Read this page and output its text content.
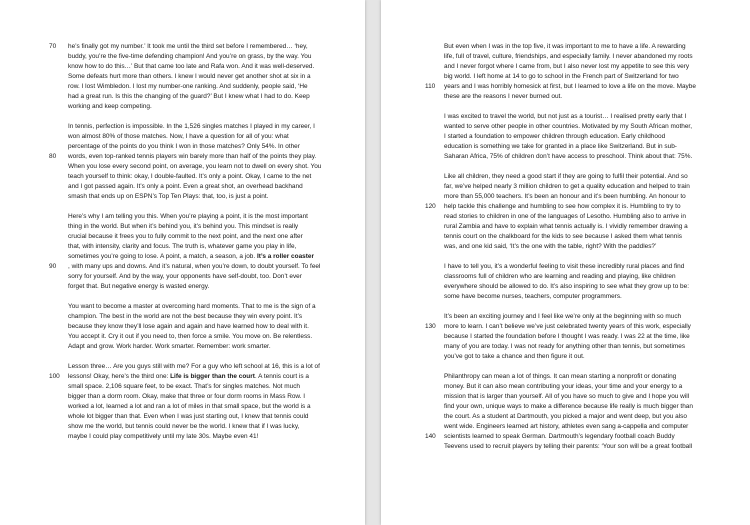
70	he’s finally got my number.’ It took me until the third set before I remembered… ‘hey,
buddy, you’re the five-time defending champion! And you’re on grass, by the way. You
know how to do this…’ But that came too late and Rafa won. And it was well-deserved.
Some defeats hurt more than others. I knew I would never get another shot at six in a
row. I lost Wimbledon. I lost my number-one ranking. And suddenly, people said, ‘He
had a great run. Is this the changing of the guard?’ But I knew what I had to do. Keep
working and keep competing.
In tennis, perfection is impossible. In the 1,526 singles matches I played in my career, I
won almost 80% of those matches. Now, I have a question for all of you: what
percentage of the points do you think I won in those matches? Only 54%. In other
80	words, even top-ranked tennis players win barely more than half of the points they play.
When you lose every second point, on average, you learn not to dwell on every shot. You
teach yourself to think: okay, I double-faulted. It’s only a point. Okay, I came to the net
and I got passed again. It’s only a point. Even a great shot, an overhead backhand
smash that ends up on ESPN’s Top Ten Plays: that, too, is just a point.
Here’s why I am telling you this. When you’re playing a point, it is the most important
thing in the world. But when it’s behind you, it’s behind you. This mindset is really
crucial because it frees you to fully commit to the next point, and the next one after
that, with intensity, clarity and focus. The truth is, whatever game you play in life,
sometimes you’re going to lose. A point, a match, a season, a job. It’s a roller coaster
90	, with many ups and downs. And it’s natural, when you’re down, to doubt yourself. To feel
sorry for yourself. And by the way, your opponents have self-doubt, too. Don’t ever
forget that. But negative energy is wasted energy.
You want to become a master at overcoming hard moments. That to me is the sign of a
champion. The best in the world are not the best because they win every point. It’s
because they know they’ll lose again and again and have learned how to deal with it.
You accept it. Cry it out if you need to, then force a smile. You move on. Be relentless.
Adapt and grow. Work harder. Work smarter. Remember: work smarter.
Lesson three… Are you guys still with me? For a guy who left school at 16, this is a lot of
100	lessons! Okay, here’s the third one: Life is bigger than the court. A tennis court is a
small space. 2,106 square feet, to be exact. That’s for singles matches. Not much
bigger than a dorm room. Okay, make that three or four dorm rooms in Mass Row. I
worked a lot, learned a lot and ran a lot of miles in that small space, but the world is a
whole lot bigger than that. Even when I was just starting out, I knew that tennis could
show me the world, but tennis could never be the world. I knew that if I was lucky,
maybe I could play competitively until my late 30s. Maybe even 41!
But even when I was in the top five, it was important to me to have a life. A rewarding
life, full of travel, culture, friendships, and especially family. I never abandoned my roots
and I never forgot where I came from, but I also never lost my appetite to see this very
big world. I left home at 14 to go to school in the French part of Switzerland for two
110	years and I was horribly homesick at first, but I learned to love a life on the move. Maybe
these are the reasons I never burned out.
I was excited to travel the world, but not just as a tourist… I realised pretty early that I
wanted to serve other people in other countries. Motivated by my South African mother,
I started a foundation to empower children through education. Early childhood
education is something we take for granted in a place like Switzerland. But in sub-
Saharan Africa, 75% of children don’t have access to preschool. Think about that: 75%.
Like all children, they need a good start if they are going to fulfil their potential. And so
far, we’ve helped nearly 3 million children to get a quality education and helped to train
more than 55,000 teachers. It’s been an honour and it’s been humbling. An honour to
120	help tackle this challenge and humbling to see how complex it is. Humbling to try to
read stories to children in one of the languages of Lesotho. Humbling also to arrive in
rural Zambia and have to explain what tennis actually is. I vividly remember drawing a
tennis court on the chalkboard for the kids to see because I asked them what tennis
was, and one kid said, ‘It’s the one with the table, right? With the paddles?’
I have to tell you, it’s a wonderful feeling to visit these incredibly rural places and find
classrooms full of children who are learning and reading and playing, like children
everywhere should be allowed to do. It’s also inspiring to see what they grow up to be:
some have become nurses, teachers, computer programmers.
It’s been an exciting journey and I feel like we’re only at the beginning with so much
130	more to learn. I can’t believe we’ve just celebrated twenty years of this work, especially
because I started the foundation before I thought I was ready. I was 22 at the time, like
many of you are today. I was not ready for anything other than tennis, but sometimes
you’ve got to take a chance and then figure it out.
Philanthropy can mean a lot of things. It can mean starting a nonprofit or donating
money. But it can also mean contributing your ideas, your time and your energy to a
mission that is larger than yourself. All of you have so much to give and I hope you will
find your own, unique ways to make a difference because life really is much bigger than
the court. As a student at Dartmouth, you picked a major and went deep, but you also
went wide. Engineers learned art history, athletes even sang a-cappella and computer
140	scientists learned to speak German. Dartmouth’s legendary football coach Buddy
Teevens used to recruit players by telling their parents: ‘Your son will be a great football
